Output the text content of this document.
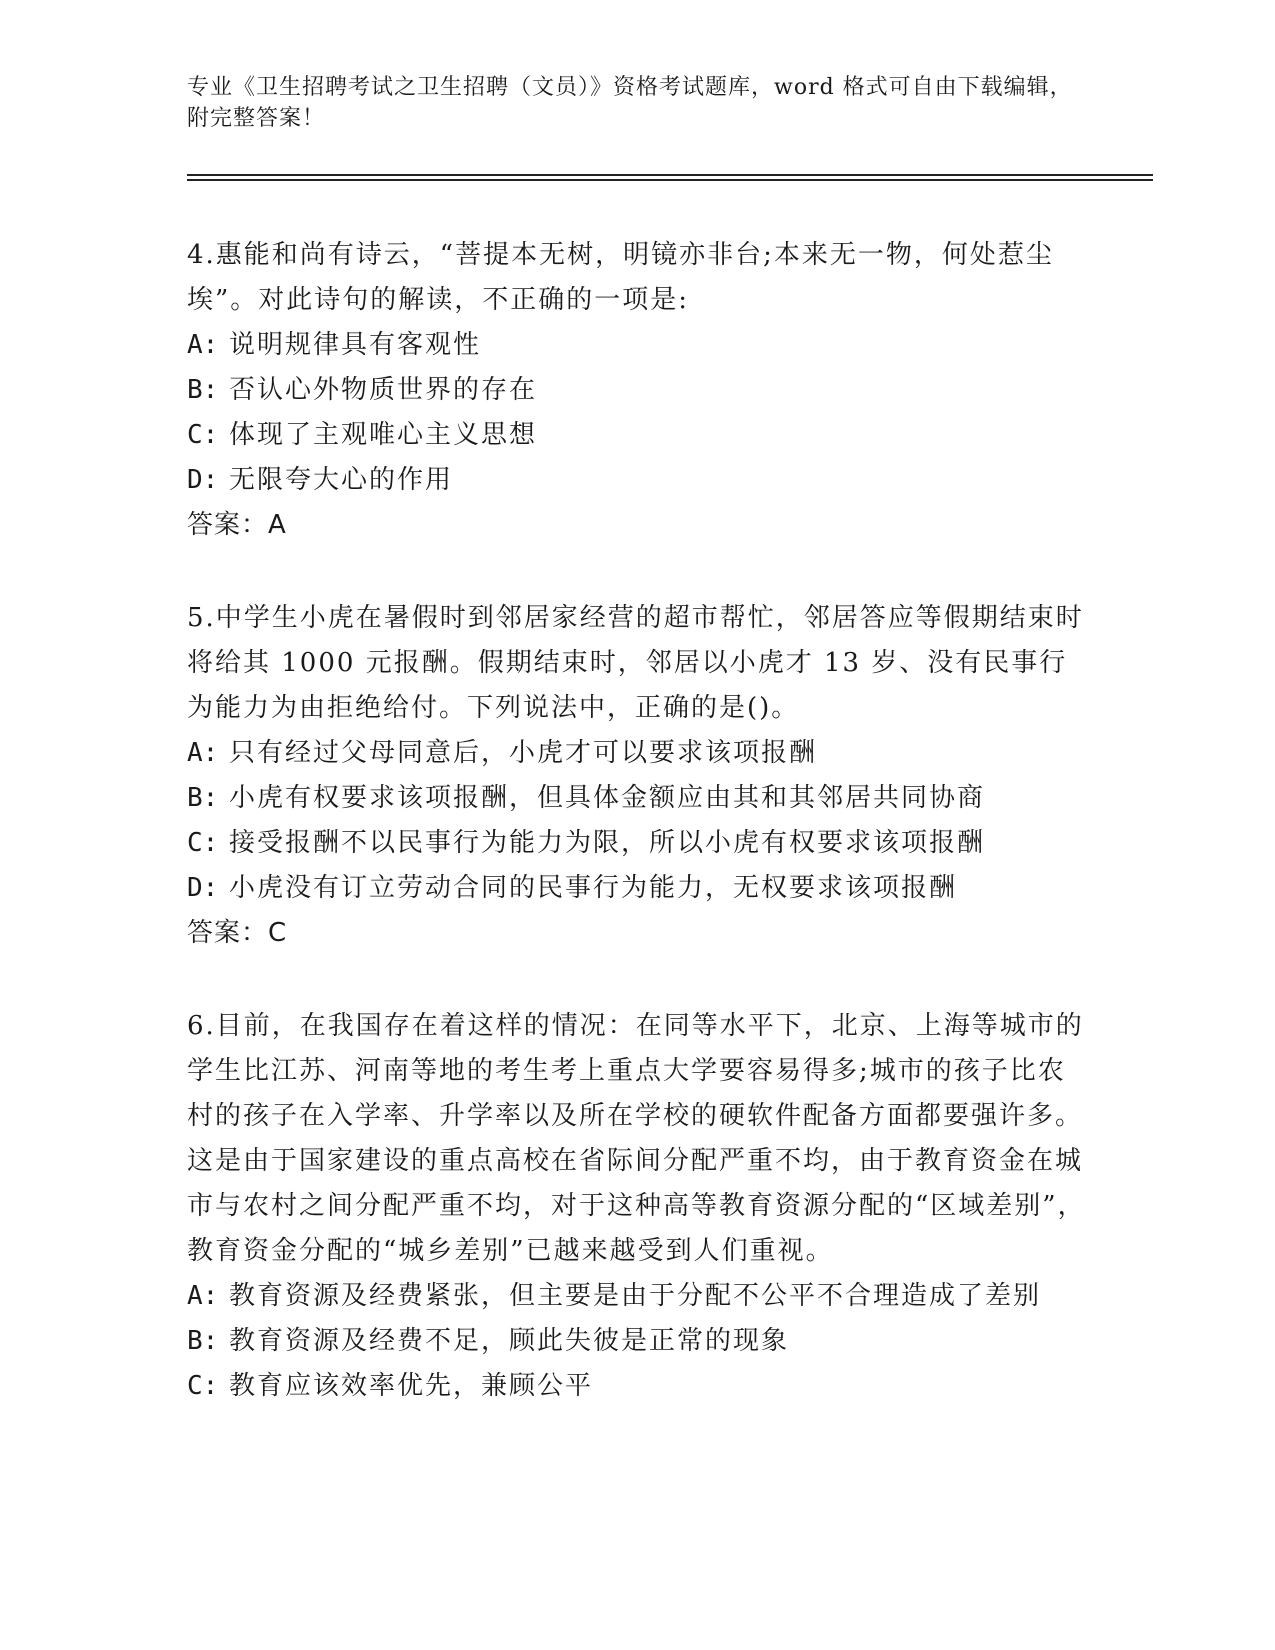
专业《卫生招聘考试之卫生招聘（文员）》资格考试题库，word 格式可自由下载编辑，附完整答案！

4.惠能和尚有诗云，“菩提本无树，明镜亦非台;本来无一物，何处惹尘埃”。对此诗句的解读，不正确的一项是:

A: 说明规律具有客观性

B: 否认心外物质世界的存在

C: 体现了主观唯心主义思想

D: 无限夸大心的作用

答案：A

5.中学生小虎在暑假时到邻居家经营的超市帮忙，邻居答应等假期结束时将给其 1000 元报酬。假期结束时，邻居以小虎才 13 岁、没有民事行为能力为由拒绝给付。下列说法中，正确的是()。

A: 只有经过父母同意后，小虎才可以要求该项报酬

B: 小虎有权要求该项报酬，但具体金额应由其和其邻居共同协商

C: 接受报酬不以民事行为能力为限，所以小虎有权要求该项报酬

D: 小虎没有订立劳动合同的民事行为能力，无权要求该项报酬

答案：C

6.目前，在我国存在着这样的情况：在同等水平下，北京、上海等城市的学生比江苏、河南等地的考生考上重点大学要容易得多;城市的孩子比农村的孩子在入学率、升学率以及所在学校的硬软件配备方面都要强许多。这是由于国家建设的重点高校在省际间分配严重不均，由于教育资金在城市与农村之间分配严重不均，对于这种高等教育资源分配的“区域差别”，教育资金分配的“城乡差别”已越来越受到人们重视。

A: 教育资源及经费紧张，但主要是由于分配不公平不合理造成了差别

B: 教育资源及经费不足，顾此失彼是正常的现象

C: 教育应该效率优先，兼顾公平
